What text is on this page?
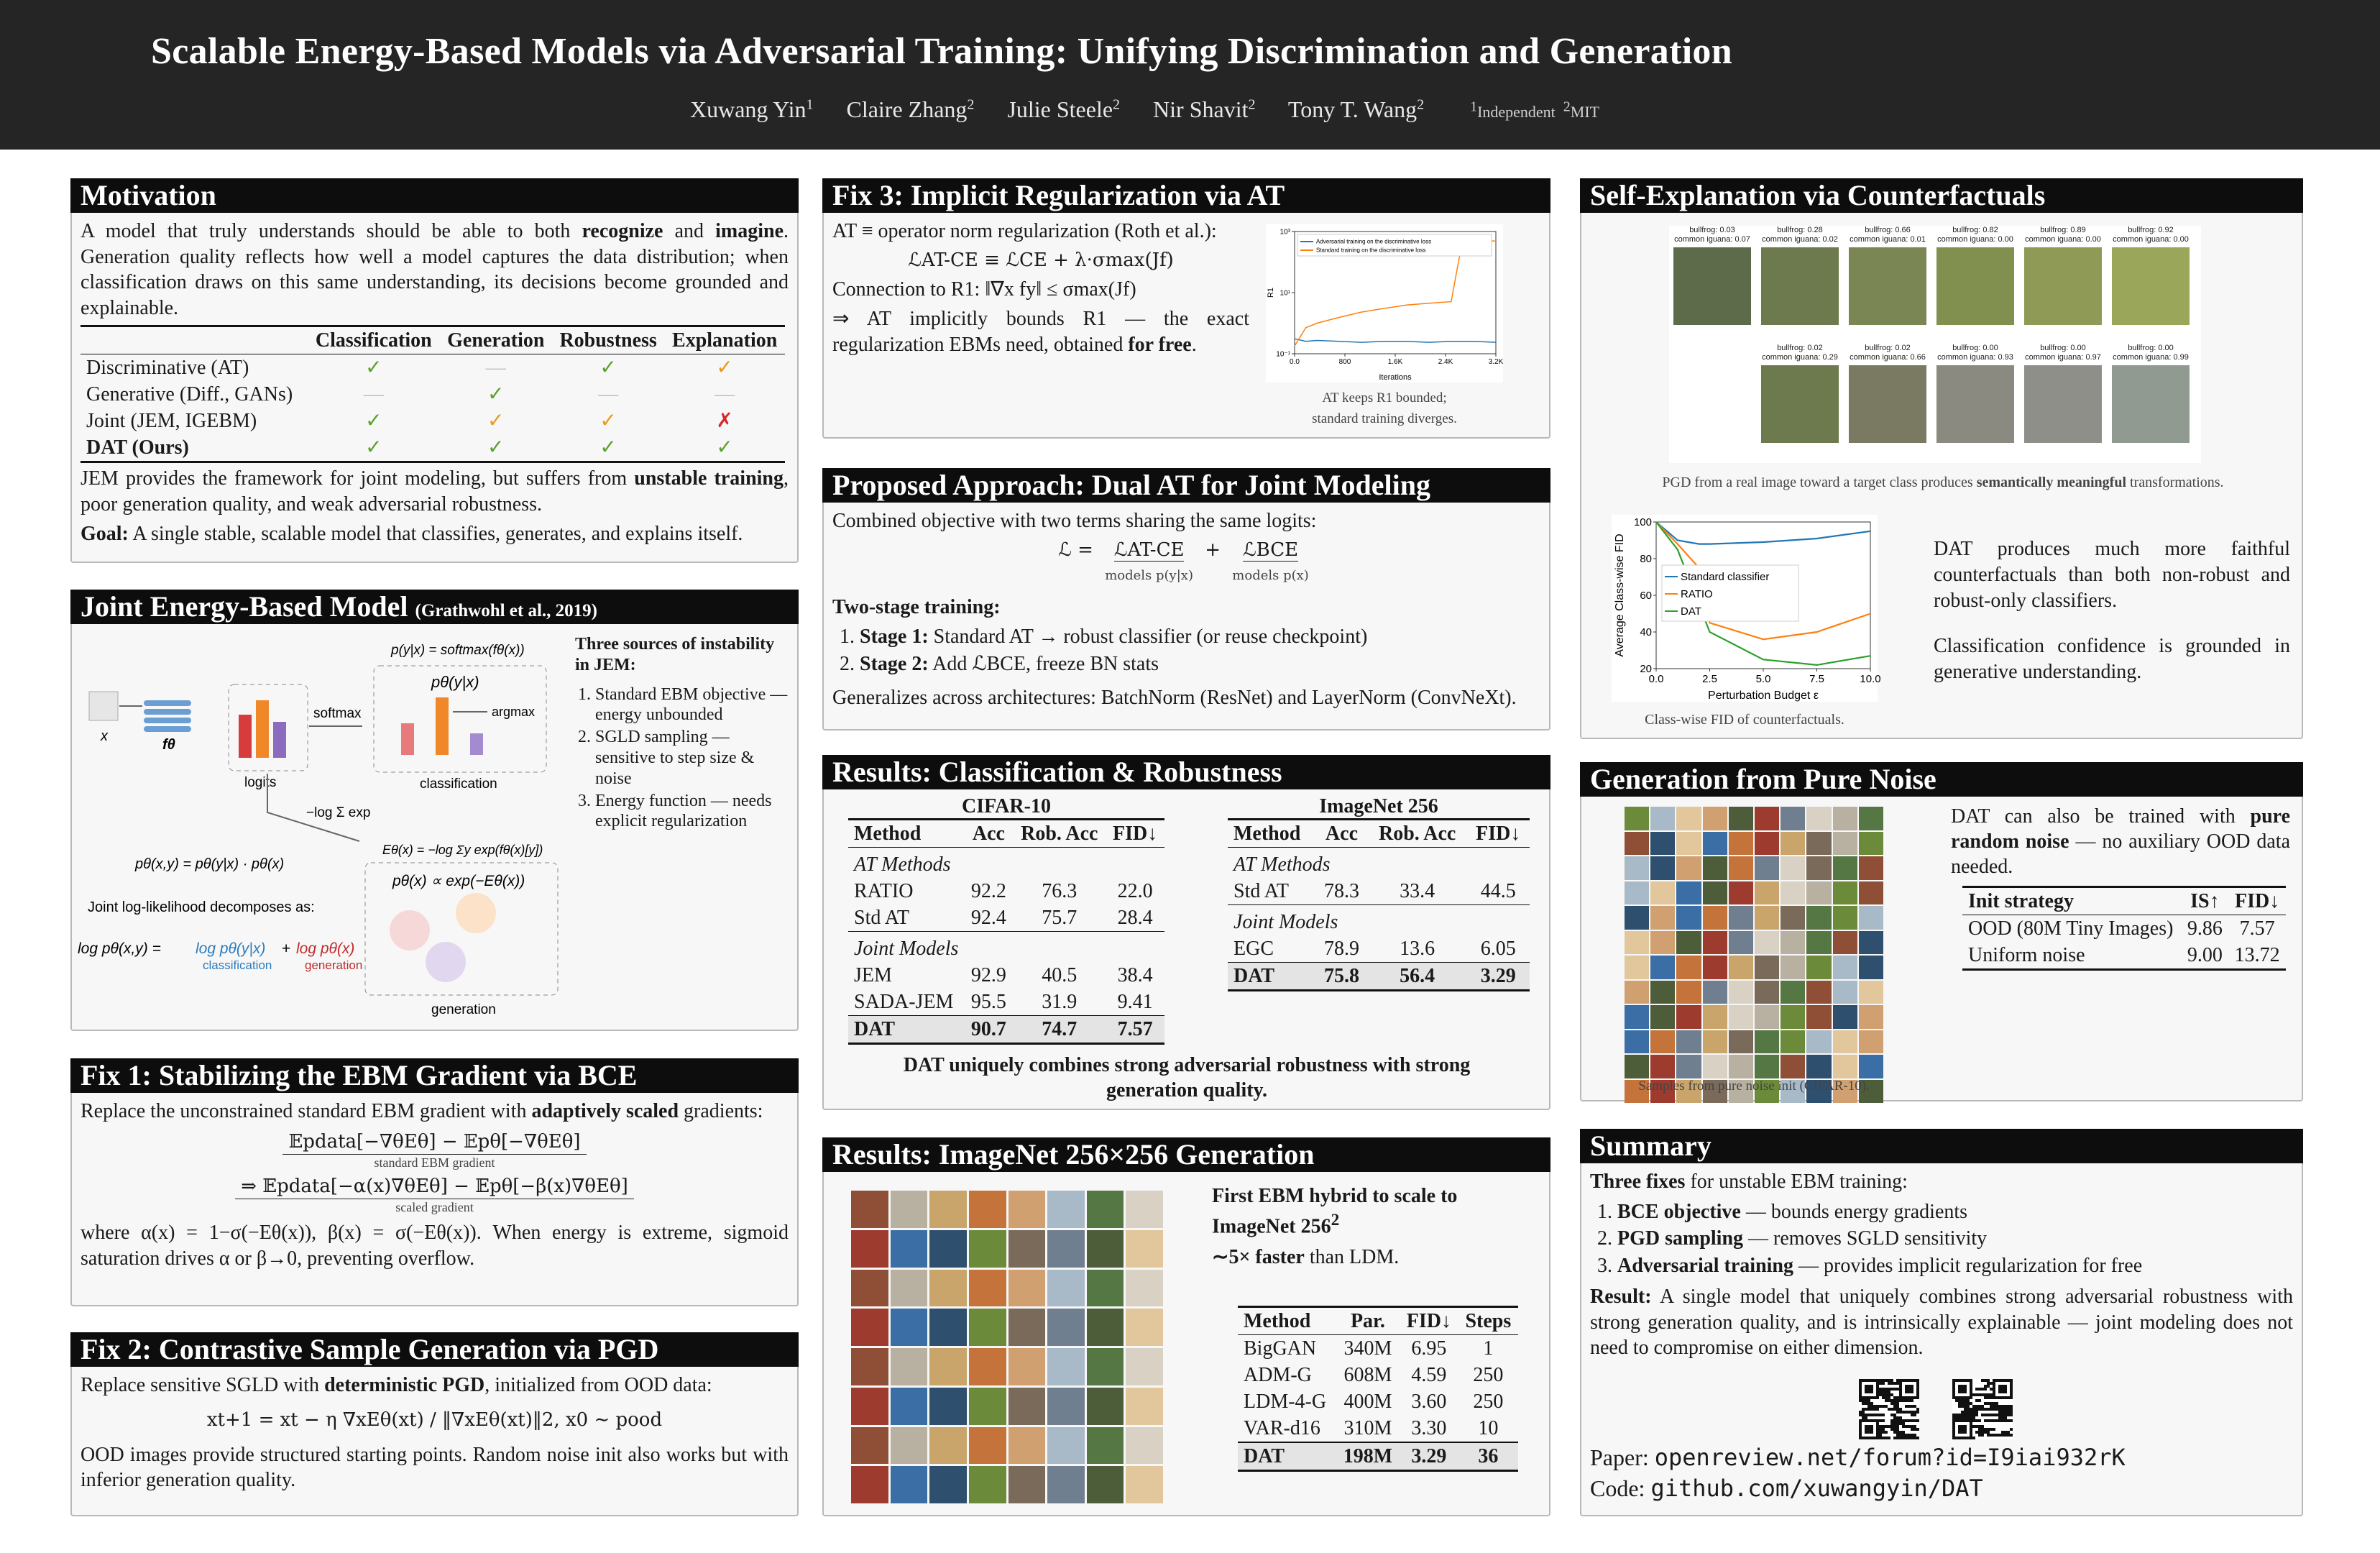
Scalable Energy-Based Models via Adversarial Training: Unifying Discrimination and Generation
Xuwang Yin$^1$ Claire Zhang$^2$ Julie Steele$^2$ Nir Shavit$^2$ Tony T. Wang$^2$	$^1$Independent $^2$MIT
Motivation

A model that truly understands should be able to both recognize and imagine. Generation quality reflects how well a model captures the data distribution; when classification draws on this same understanding, its decisions become grounded and explainable.

	Classification	Generation	Robustness	Explanation
Discriminative (AT)	✓	—	✓	✓
Generative (Diff., GANs)	—	✓	—	—
Joint (JEM, IGEBM)	✓	✓	✓	✗
DAT (Ours)	✓	✓	✓	✓

JEM provides the framework for joint modeling, but suffers from unstable training, poor generation quality, and weak adversarial robustness.

Goal: A single stable, scalable model that classifies, generates, and explains itself.

Joint Energy-Based Model (Grathwohl et al., 2019)
x
fθ
logits
softmax
p(y|x) = softmax(fθ(x))
pθ(y|x)
argmax
classification
−log Σ exp
Eθ(x) = −log Σy exp(fθ(x)[y])
pθ(x) ∝ exp(−Eθ(x))
generation
pθ(x,y) = pθ(y|x) · pθ(x)
Joint log-likelihood decomposes as:
log pθ(x,y) = log pθ(y|x) + log pθ(x)
classification	generation
Three sources of instability in JEM:
1. Standard EBM objective — energy unbounded
2. SGLD sampling — sensitive to step size & noise
3. Energy function — needs explicit regularization
Fix 1: Stabilizing the EBM Gradient via BCE

Replace the unconstrained standard EBM gradient with adaptively scaled gradients:

𝔼pdata[−∇θEθ] − 𝔼pθ[−∇θEθ]
standard EBM gradient
⇒ 𝔼pdata[−α(x)∇θEθ] − 𝔼pθ[−β(x)∇θEθ]
scaled gradient

where α(x) = 1−σ(−Eθ(x)), β(x) = σ(−Eθ(x)). When energy is extreme, sigmoid saturation drives α or β→0, preventing overflow.

Fix 2: Contrastive Sample Generation via PGD

Replace sensitive SGLD with deterministic PGD, initialized from OOD data:

xt+1 = xt − η ∇xEθ(xt) / ‖∇xEθ(xt)‖2, x0 ∼ pood

OOD images provide structured starting points. Random noise init also works but with inferior generation quality.

Fix 3: Implicit Regularization via AT

AT ≡ operator norm regularization (Roth et al.):

ℒAT-CE ≡ ℒCE + λ·σmax(Jf)

Connection to R1: ‖∇x fy‖ ≤ σmax(Jf)

⇒ AT implicitly bounds R1 — the exact regularization EBMs need, obtained for free.

0.0	800	1.6K	2.4K	3.2K
10⁻¹
10¹
10³
Iterations
R1
Adversarial training on the discriminative loss
Standard training on the discriminative loss
AT keeps R1 bounded;
standard training diverges.
Proposed Approach: Dual AT for Joint Modeling

Combined objective with two terms sharing the same logits:

ℒ = ℒAT-CE
models p(y|x) + ℒBCE
models p(x)

Two-stage training:

1. Stage 1: Standard AT → robust classifier (or reuse checkpoint)
2. Stage 2: Add ℒBCE, freeze BN stats

Generalizes across architectures: BatchNorm (ResNet) and LayerNorm (ConvNeXt).

Results: Classification & Robustness
CIFAR-10
Method	Acc	Rob. Acc	FID↓
AT Methods			
RATIO	92.2	76.3	22.0
Std AT	92.4	75.7	28.4
Joint Models			
JEM	92.9	40.5	38.4
SADA-JEM	95.5	31.9	9.41
DAT	90.7	74.7	7.57
ImageNet 256
Method	Acc	Rob. Acc	FID↓
AT Methods			
Std AT	78.3	33.4	44.5
Joint Models			
EGC	78.9	13.6	6.05
DAT	75.8	56.4	3.29
DAT uniquely combines strong adversarial robustness with strong generation quality.
Results: ImageNet 256×256 Generation
First EBM hybrid to scale to ImageNet $256^2$
∼5× faster than LDM.
Method	Par.	FID↓	Steps
BigGAN	340M	6.95	1
ADM-G	608M	4.59	250
LDM-4-G	400M	3.60	250
VAR-d16	310M	3.30	10
DAT	198M	3.29	36
Self-Explanation via Counterfactuals
bullfrog: 0.03 common iguana: 0.07
bullfrog: 0.28 common iguana: 0.02
bullfrog: 0.66 common iguana: 0.01
bullfrog: 0.82 common iguana: 0.00
bullfrog: 0.89 common iguana: 0.00
bullfrog: 0.92 common iguana: 0.00
bullfrog: 0.02 common iguana: 0.29
bullfrog: 0.02 common iguana: 0.66
bullfrog: 0.00 common iguana: 0.93
bullfrog: 0.00 common iguana: 0.97
bullfrog: 0.00 common iguana: 0.99
PGD from a real image toward a target class produces semantically meaningful transformations.
0.0	2.5	5.0	7.5	10.0
20
40
60
80
100
Perturbation Budget ε
Average Class-wise FID	Standard classifier
RATIO
DAT
Class-wise FID of counterfactuals.

DAT produces much more faithful counterfactuals than both non-robust and robust-only classifiers.

Classification confidence is grounded in generative understanding.

Generation from Pure Noise
Samples from pure noise init (CIFAR-10).
DAT can also be trained with pure random noise — no auxiliary OOD data needed.
Init strategy	IS↑	FID↓
OOD (80M Tiny Images)	9.86	7.57
Uniform noise	9.00	13.72
Summary

Three fixes for unstable EBM training:

1. BCE objective — bounds energy gradients
2. PGD sampling — removes SGLD sensitivity
3. Adversarial training — provides implicit regularization for free

Result: A single model that uniquely combines strong adversarial robustness with strong generation quality, and is intrinsically explainable — joint modeling does not need to compromise on either dimension.

Paper: openreview.net/forum?id=I9iai932rK
Code: github.com/xuwangyin/DAT
